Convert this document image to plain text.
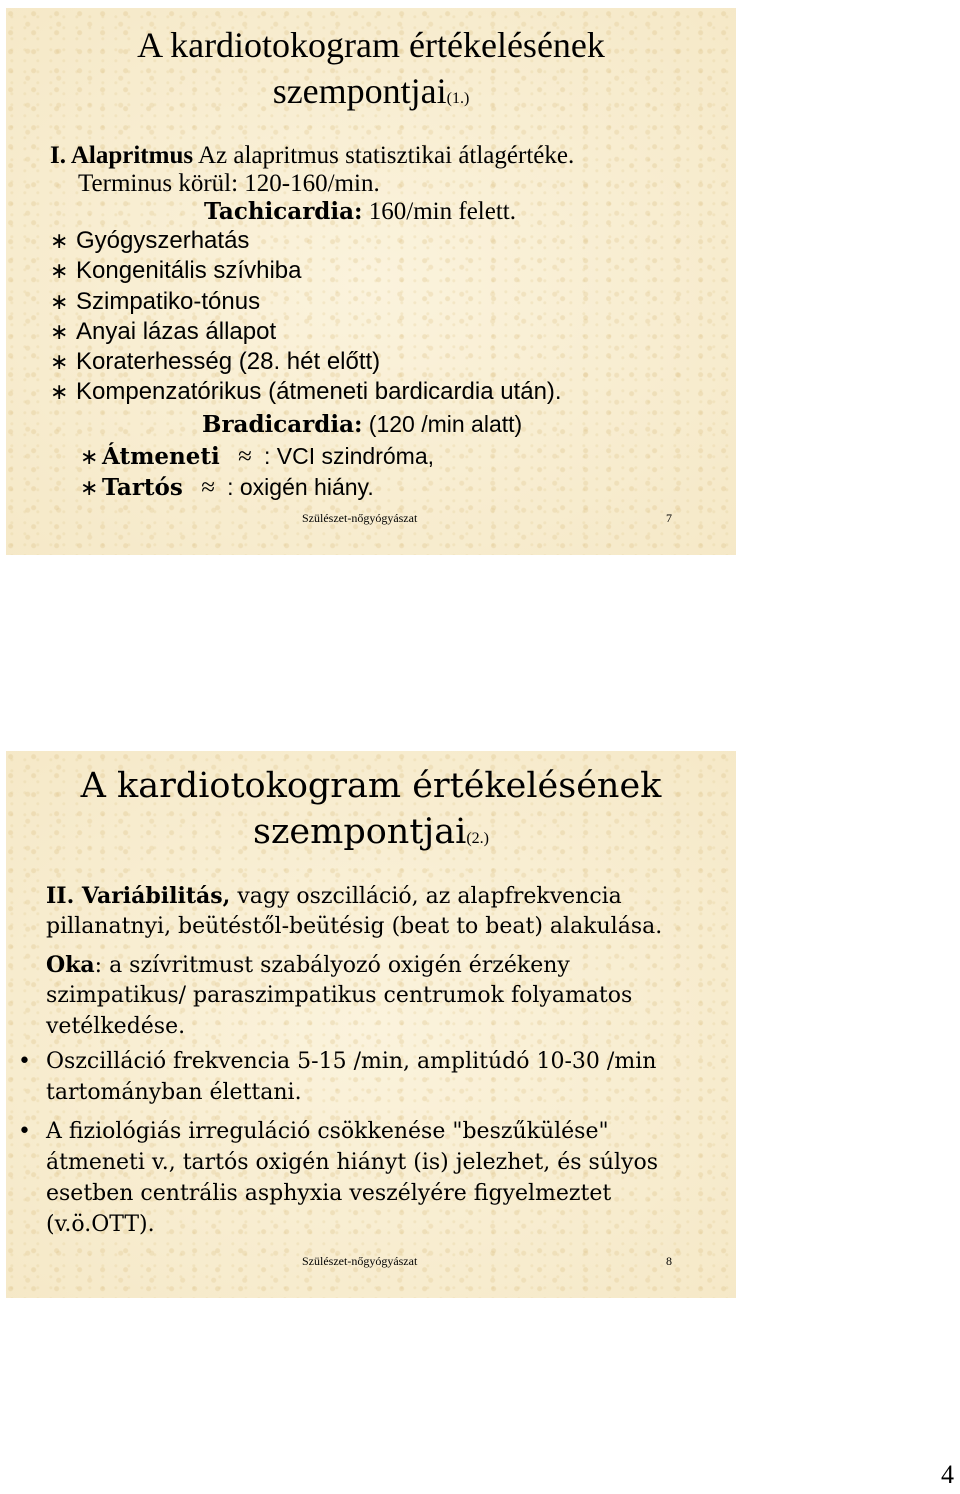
A kardiotokogram értékelésének
szempontjai(1.)
I. Alapritmus Az alapritmus statisztikai átlagértéke.
Terminus körül: 120-160/min.
Tachicardia: 160/min felett.
∗ Gyógyszerhatás
∗ Kongenitális szívhiba
∗ Szimpatiko-tónus
∗ Anyai lázas állapot
∗ Koraterhesség (28. hét előtt)
∗ Kompenzatórikus (átmeneti bardicardia után).
Bradicardia: (120 /min alatt)
∗ Átmeneti ≈ : VCI szindróma,
∗ Tartós ≈ : oxigén hiány.
Szülészet-nőgyógyászat	7
A kardiotokogram értékelésének
szempontjai(2.)
II. Variábilitás, vagy oszcilláció, az alapfrekvencia
pillanatnyi, beütéstől-beütésig (beat to beat) alakulása.
Oka: a szívritmust szabályozó oxigén érzékeny
szimpatikus/ paraszimpatikus centrumok folyamatos
vetélkedése.
• Oszcilláció frekvencia 5-15 /min, amplitúdó 10-30 /min
tartományban élettani.
• A fiziológiás irreguláció csökkenése "beszűkülése"
átmeneti v., tartós oxigén hiányt (is) jelezhet, és súlyos
esetben centrális asphyxia veszélyére figyelmeztet
(v.ö.OTT).
Szülészet-nőgyógyászat	8
4
